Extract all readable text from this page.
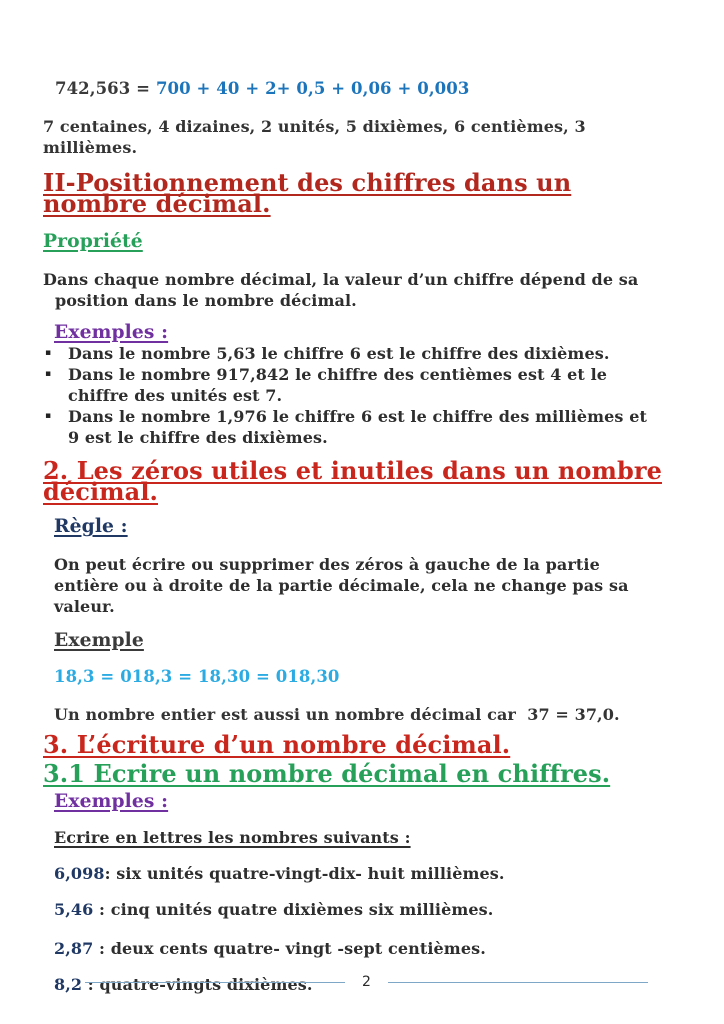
742,563 = 700 + 40 + 2+ 0,5 + 0,06 + 0,003

7 centaines, 4 dizaines, 2 unités, 5 dixièmes, 6 centièmes, 3 millièmes.

II-Positionnement des chiffres dans un nombre décimal.
Propriété

Dans chaque nombre décimal, la valeur d’un chiffre dépend de sa position dans le nombre décimal.

Exemples :
▪ Dans le nombre 5,63 le chiffre 6 est le chiffre des dixièmes.
▪ Dans le nombre 917,842 le chiffre des centièmes est 4 et le chiffre des unités est 7.
▪ Dans le nombre 1,976 le chiffre 6 est le chiffre des millièmes et 9 est le chiffre des dixièmes.
2. Les zéros utiles et inutiles dans un nombre décimal.
Règle :

On peut écrire ou supprimer des zéros à gauche de la partie entière ou à droite de la partie décimale, cela ne change pas sa valeur.

Exemple

18,3 = 018,3 = 18,30 = 018,30

Un nombre entier est aussi un nombre décimal car  37 = 37,0.

3. L’écriture d’un nombre décimal.
3.1 Ecrire un nombre décimal en chiffres.
Exemples :

Ecrire en lettres les nombres suivants :

6,098: six unités quatre-vingt-dix- huit millièmes.

5,46 : cinq unités quatre dixièmes six millièmes.

2,87 : deux cents quatre- vingt -sept centièmes.

8,2 : quatre-vingts dixièmes.	2
